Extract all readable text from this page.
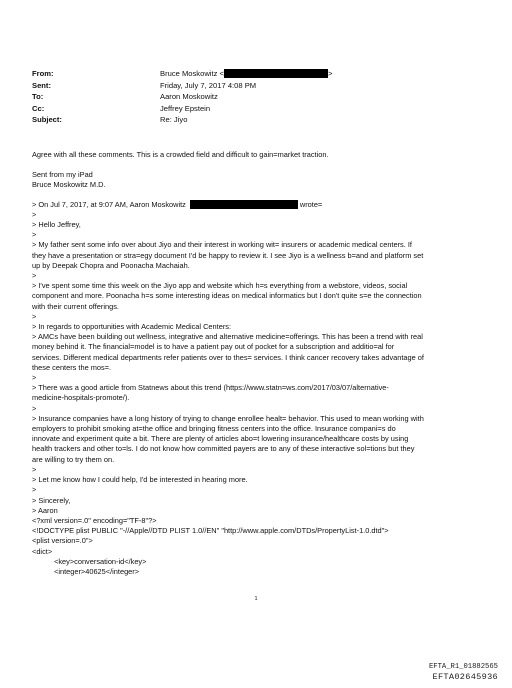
From:	Bruce Moskowitz <	>
Sent:	Friday, July 7, 2017 4:08 PM
To:	Aaron Moskowitz
Cc:	Jeffrey Epstein
Subject:	Re: Jiyo

Agree with all these comments. This is a crowded field and difficult to gain=market traction.

Sent from my iPad

Bruce Moskowitz M.D.

> On Jul 7, 2017, at 9:07 AM, Aaron Moskowitz	wrote=

>

> Hello Jeffrey,

>

> My father sent some info over about Jiyo and their interest in working wit= insurers or academic medical centers. If

they have a presentation or stra=egy document I'd be happy to review it. I see Jiyo is a wellness b=and and platform set

up by Deepak Chopra and Poonacha Machaiah.

>

> I've spent some time this week on the Jiyo app and website which h=s everything from a webstore, videos, social

component and more. Poonacha h=s some interesting ideas on medical informatics but I don't quite s=e the connection

with their current offerings.

>

> In regards to opportunities with Academic Medical Centers:

> AMCs have been building out wellness, integrative and alternative medicine=offerings. This has been a trend with real

money behind it. The financial=model is to have a patient pay out of pocket for a subscription and additio=al for

services. Different medical departments refer patients over to thes= services. I think cancer recovery takes advantage of

these centers the mos=.

>

> There was a good article from Statnews about this trend (https://www.statn=ws.com/2017/03/07/alternative-

medicine-hospitals-promote/).

>

> Insurance companies have a long history of trying to change enrollee healt= behavior. This used to mean working with

employers to prohibit smoking at=the office and bringing fitness centers into the office. Insurance compani=s do

innovate and experiment quite a bit. There are plenty of articles abo=t lowering insurance/healthcare costs by using

health trackers and other to=ls. I do not know how committed payers are to any of these interactive sol=tions but they

are willing to try them on.

>

> Let me know how I could help, I'd be interested in hearing more.

>

> Sincerely,

> Aaron

<?xml version=.0" encoding="TF-8"?>

<!DOCTYPE plist PUBLIC "-//Apple//DTD PLIST 1.0//EN" "http://www.apple.com/DTDs/PropertyList-1.0.dtd">

<plist version=.0">

<dict>

<key>conversation-id</key>

<integer>40625</integer>

1
EFTA_R1_01882565
EFTA02645936
